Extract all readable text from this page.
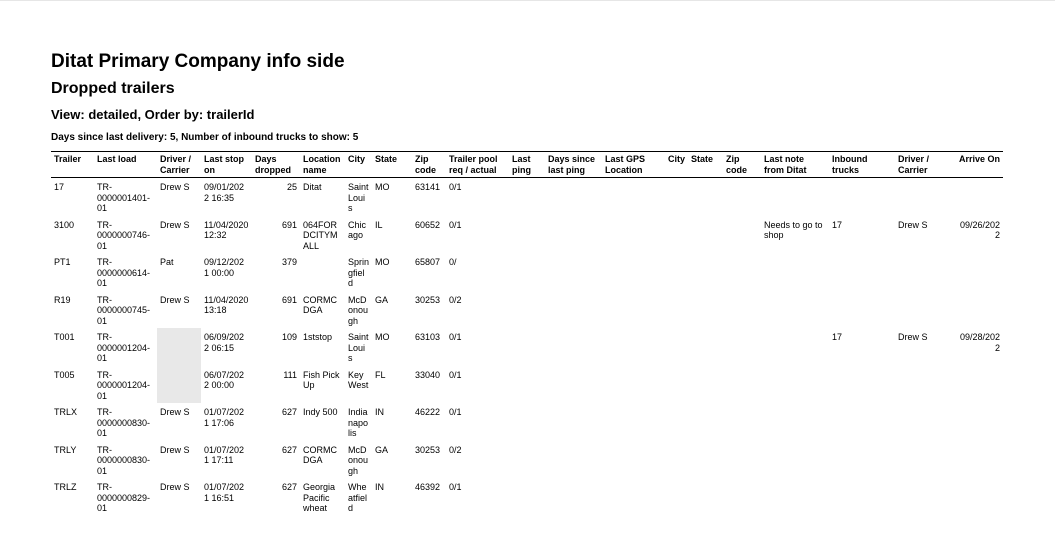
Ditat Primary Company info side
Dropped trailers
View: detailed, Order by: trailerId
Days since last delivery: 5, Number of inbound trucks to show: 5
Trailer	Last load	Driver / Carrier	Last stop on	Days dropped	Location name	City	State	Zip code	Trailer pool req / actual	Last ping	Days since last ping	Last GPS Location	City	State	Zip code	Last note from Ditat	Inbound trucks	Driver / Carrier	Arrive On
17	TR-0000001401-01	Drew S	09/01/2022 16:35	25	Ditat	Saint Louis	MO	63141	0/1										
3100	TR-0000000746-01	Drew S	11/04/2020 12:32	691	064FORDCITYMALL	Chicago	IL	60652	0/1							Needs to go to shop	17	Drew S	09/26/2022
PT1	TR-0000000614-01	Pat	09/12/2021 00:00	379		Springfield	MO	65807	0/										
R19	TR-0000000745-01	Drew S	11/04/2020 13:18	691	CORMCDGA	McDonough	GA	30253	0/2										
T001	TR-0000001204-01		06/09/2022 06:15	109	1ststop	Saint Louis	MO	63103	0/1								17	Drew S	09/28/2022
T005	TR-0000001204-01		06/07/2022 00:00	111	Fish Pick Up	Key West	FL	33040	0/1										
TRLX	TR-0000000830-01	Drew S	01/07/2021 17:06	627	Indy 500	Indianapolis	IN	46222	0/1										
TRLY	TR-0000000830-01	Drew S	01/07/2021 17:11	627	CORMCDGA	McDonough	GA	30253	0/2										
TRLZ	TR-0000000829-01	Drew S	01/07/2021 16:51	627	Georgia Pacific wheat	Wheatfield	IN	46392	0/1										
